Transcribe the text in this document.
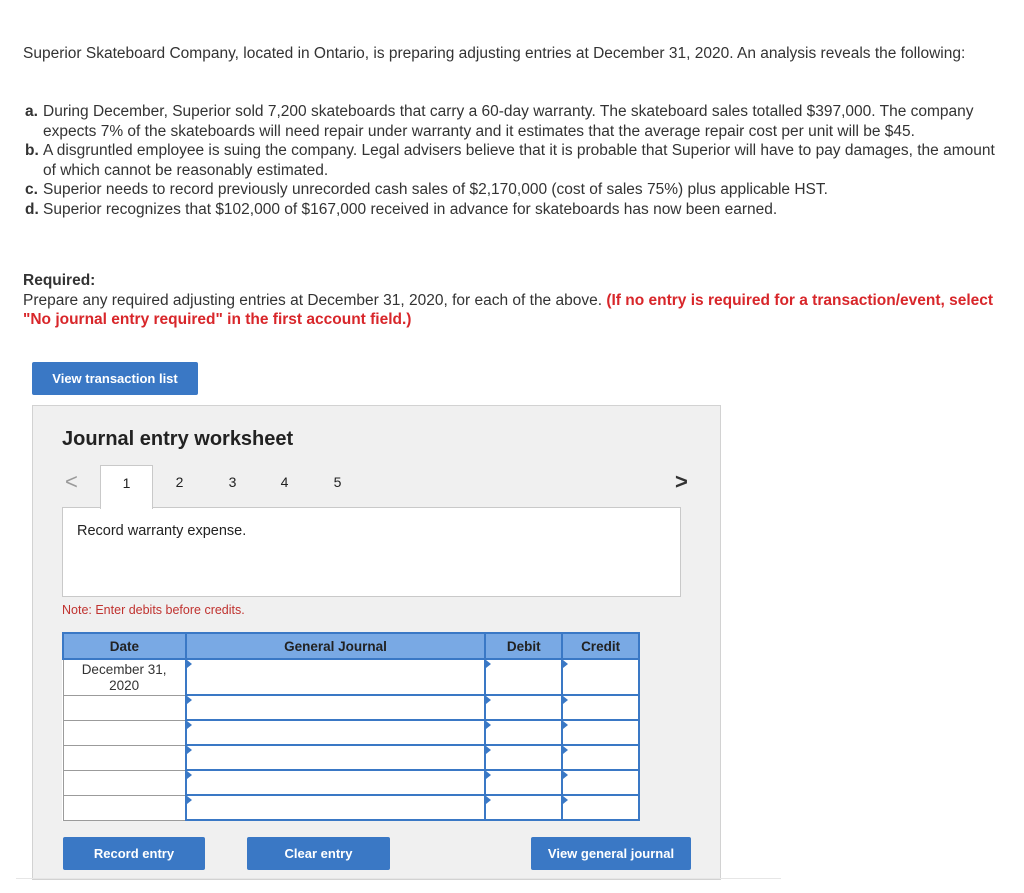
Superior Skateboard Company, located in Ontario, is preparing adjusting entries at December 31, 2020. An analysis reveals the following:
a. During December, Superior sold 7,200 skateboards that carry a 60-day warranty. The skateboard sales totalled $397,000. The company expects 7% of the skateboards will need repair under warranty and it estimates that the average repair cost per unit will be $45.
b. A disgruntled employee is suing the company. Legal advisers believe that it is probable that Superior will have to pay damages, the amount of which cannot be reasonably estimated.
c. Superior needs to record previously unrecorded cash sales of $2,170,000 (cost of sales 75%) plus applicable HST.
d. Superior recognizes that $102,000 of $167,000 received in advance for skateboards has now been earned.
Required:
Prepare any required adjusting entries at December 31, 2020, for each of the above. (If no entry is required for a transaction/event, select "No journal entry required" in the first account field.)
View transaction list
Journal entry worksheet
<	1	2	3	4	5	>
Record warranty expense.
Note: Enter debits before credits.
Date	General Journal	Debit	Credit
December 31,
2020	

Record entry	Clear entry	View general journal
